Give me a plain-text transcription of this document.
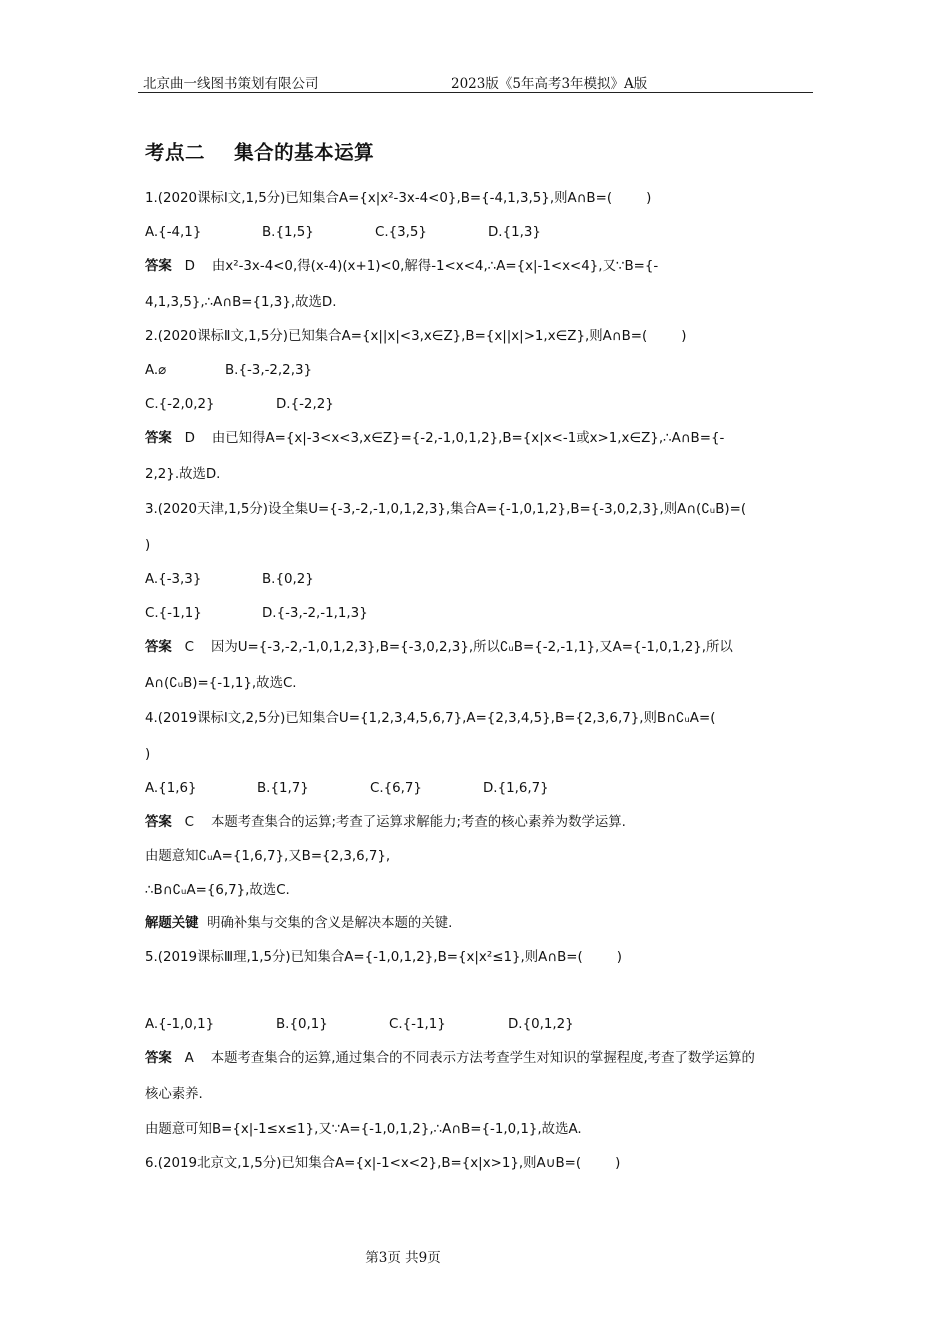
北京曲一线图书策划有限公司	2023版《5年高考3年模拟》A版
考点二    集合的基本运算
1.(2020课标Ⅰ文,1,5分)已知集合A={x|x²-3x-4<0},B={-4,1,3,5},则A∩B=(        )
A.{-4,1}	B.{1,5}	C.{3,5}	D.{1,3}
答案 D    由x²-3x-4<0,得(x-4)(x+1)<0,解得-1<x<4,∴A={x|-1<x<4},又∵B={-
4,1,3,5},∴A∩B={1,3},故选D.
2.(2020课标Ⅱ文,1,5分)已知集合A={x||x|<3,x∈Z},B={x||x|>1,x∈Z},则A∩B=(        )
A.⌀	B.{-3,-2,2,3}
C.{-2,0,2}	D.{-2,2}
答案 D    由已知得A={x|-3<x<3,x∈Z}={-2,-1,0,1,2},B={x|x<-1或x>1,x∈Z},∴A∩B={-
2,2}.故选D.
3.(2020天津,1,5分)设全集U={-3,-2,-1,0,1,2,3},集合A={-1,0,1,2},B={-3,0,2,3},则A∩(∁ᵤB)=(
)
A.{-3,3}	B.{0,2}
C.{-1,1}	D.{-3,-2,-1,1,3}
答案 C    因为U={-3,-2,-1,0,1,2,3},B={-3,0,2,3},所以∁ᵤB={-2,-1,1},又A={-1,0,1,2},所以
A∩(∁ᵤB)={-1,1},故选C.
4.(2019课标Ⅰ文,2,5分)已知集合U={1,2,3,4,5,6,7},A={2,3,4,5},B={2,3,6,7},则B∩∁ᵤA=(
)
A.{1,6}	B.{1,7}	C.{6,7}	D.{1,6,7}
答案 C    本题考查集合的运算;考查了运算求解能力;考查的核心素养为数学运算.
由题意知∁ᵤA={1,6,7},又B={2,3,6,7},
∴B∩∁ᵤA={6,7},故选C.
解题关键 明确补集与交集的含义是解决本题的关键.
5.(2019课标Ⅲ理,1,5分)已知集合A={-1,0,1,2},B={x|x²≤1},则A∩B=(        )
A.{-1,0,1}	B.{0,1}	C.{-1,1}	D.{0,1,2}
答案 A    本题考查集合的运算,通过集合的不同表示方法考查学生对知识的掌握程度,考查了数学运算的
核心素养.
由题意可知B={x|-1≤x≤1},又∵A={-1,0,1,2},∴A∩B={-1,0,1},故选A.
6.(2019北京文,1,5分)已知集合A={x|-1<x<2},B={x|x>1},则A∪B=(        )
第3页 共9页
